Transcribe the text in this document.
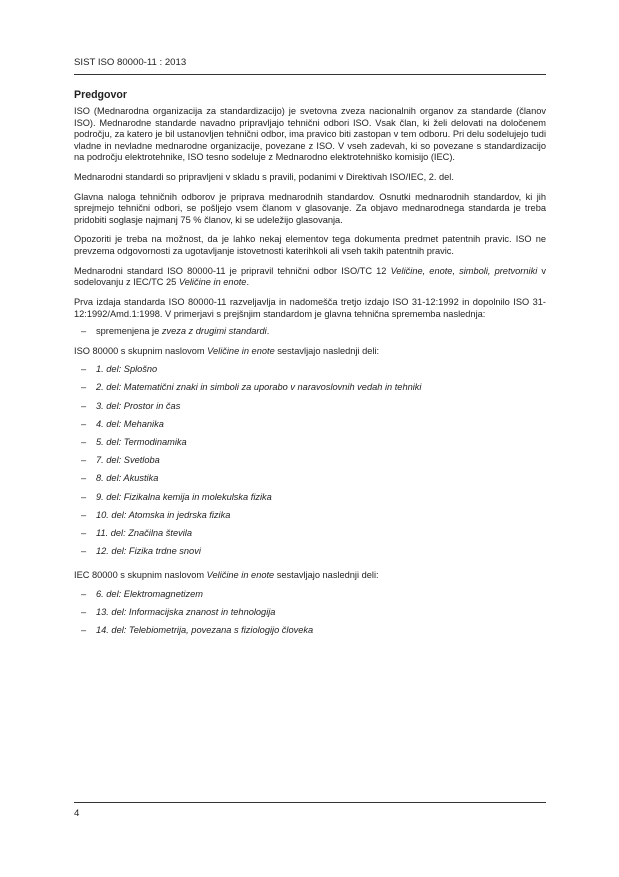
SIST ISO 80000-11 : 2013
Predgovor

ISO (Mednarodna organizacija za standardizacijo) je svetovna zveza nacionalnih organov za standarde (članov ISO). Mednarodne standarde navadno pripravljajo tehnični odbori ISO. Vsak član, ki želi delovati na določenem področju, za katero je bil ustanovljen tehnični odbor, ima pravico biti zastopan v tem odboru. Pri delu sodelujejo tudi vladne in nevladne mednarodne organizacije, povezane z ISO. V vseh zadevah, ki so povezane s standardizacijo na področju elektrotehnike, ISO tesno sodeluje z Mednarodno elektrotehniško komisijo (IEC).

Mednarodni standardi so pripravljeni v skladu s pravili, podanimi v Direktivah ISO/IEC, 2. del.

Glavna naloga tehničnih odborov je priprava mednarodnih standardov. Osnutki mednarodnih standardov, ki jih sprejmejo tehnični odbori, se pošljejo vsem članom v glasovanje. Za objavo mednarodnega standarda je treba pridobiti soglasje najmanj 75 % članov, ki se udeležijo glasovanja.

Opozoriti je treba na možnost, da je lahko nekaj elementov tega dokumenta predmet patentnih pravic. ISO ne prevzema odgovornosti za ugotavljanje istovetnosti katerihkoli ali vseh takih patentnih pravic.

Mednarodni standard ISO 80000-11 je pripravil tehnični odbor ISO/TC 12 Veličine, enote, simboli, pretvorniki v sodelovanju z IEC/TC 25 Veličine in enote.

Prva izdaja standarda ISO 80000-11 razveljavlja in nadomešča tretjo izdajo ISO 31-12:1992 in dopolnilo ISO 31-12:1992/Amd.1:1998. V primerjavi s prejšnjim standardom je glavna tehnična sprememba naslednja:

– spremenjena je zveza z drugimi standardi.

ISO 80000 s skupnim naslovom Veličine in enote sestavljajo naslednji deli:

– 1. del: Splošno
– 2. del: Matematični znaki in simboli za uporabo v naravoslovnih vedah in tehniki
– 3. del: Prostor in čas
– 4. del: Mehanika
– 5. del: Termodinamika
– 7. del: Svetloba
– 8. del: Akustika
– 9. del: Fizikalna kemija in molekulska fizika
– 10. del: Atomska in jedrska fizika
– 11. del: Značilna števila
– 12. del: Fizika trdne snovi

IEC 80000 s skupnim naslovom Veličine in enote sestavljajo naslednji deli:

– 6. del: Elektromagnetizem
– 13. del: Informacijska znanost in tehnologija
– 14. del: Telebiometrija, povezana s fiziologijo človeka
4
